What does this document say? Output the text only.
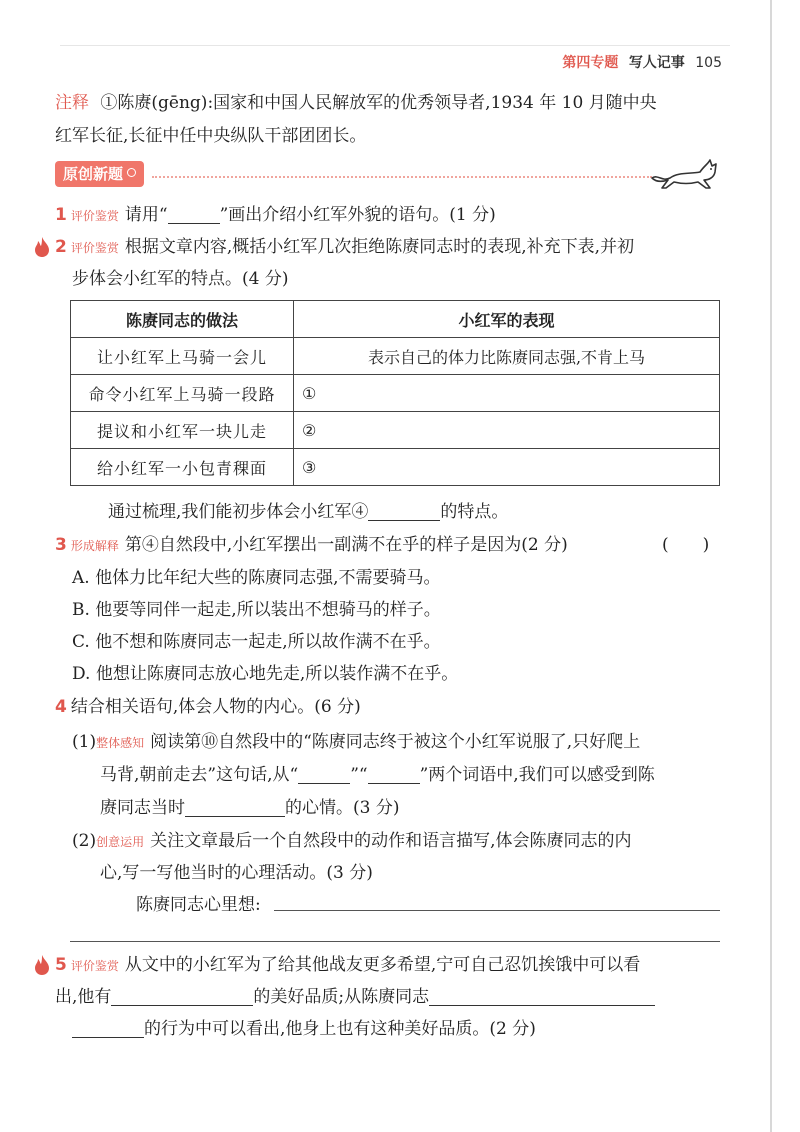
第四专题 写人记事 105
注释 ①陈赓(gēng):国家和中国人民解放军的优秀领导者,1934 年 10 月随中央
红军长征,长征中任中央纵队干部团团长。
原创新题
1 评价鉴赏 请用“	”画出介绍小红军外貌的语句。(1 分)
2 评价鉴赏 根据文章内容,概括小红军几次拒绝陈赓同志时的表现,补充下表,并初
步体会小红军的特点。(4 分)
陈赓同志的做法	小红军的表现
让小红军上马骑一会儿	表示自己的体力比陈赓同志强,不肯上马
命令小红军上马骑一段路	①
提议和小红军一块儿走	②
给小红军一小包青稞面	③
通过梳理,我们能初步体会小红军④	的特点。
3 形成解释 第④自然段中,小红军摆出一副满不在乎的样子是因为(2 分)	(　　)
A. 他体力比年纪大些的陈赓同志强,不需要骑马。
B. 他要等同伴一起走,所以装出不想骑马的样子。
C. 他不想和陈赓同志一起走,所以故作满不在乎。
D. 他想让陈赓同志放心地先走,所以装作满不在乎。
4 结合相关语句,体会人物的内心。(6 分)
(1)整体感知 阅读第⑩自然段中的“陈赓同志终于被这个小红军说服了,只好爬上
马背,朝前走去”这句话,从“	”“	”两个词语中,我们可以感受到陈
赓同志当时	的心情。(3 分)
(2)创意运用 关注文章最后一个自然段中的动作和语言描写,体会陈赓同志的内
心,写一写他当时的心理活动。(3 分)
陈赓同志心里想:
5 评价鉴赏 从文中的小红军为了给其他战友更多希望,宁可自己忍饥挨饿中可以看
出,他有	的美好品质;从陈赓同志
的行为中可以看出,他身上也有这种美好品质。(2 分)
